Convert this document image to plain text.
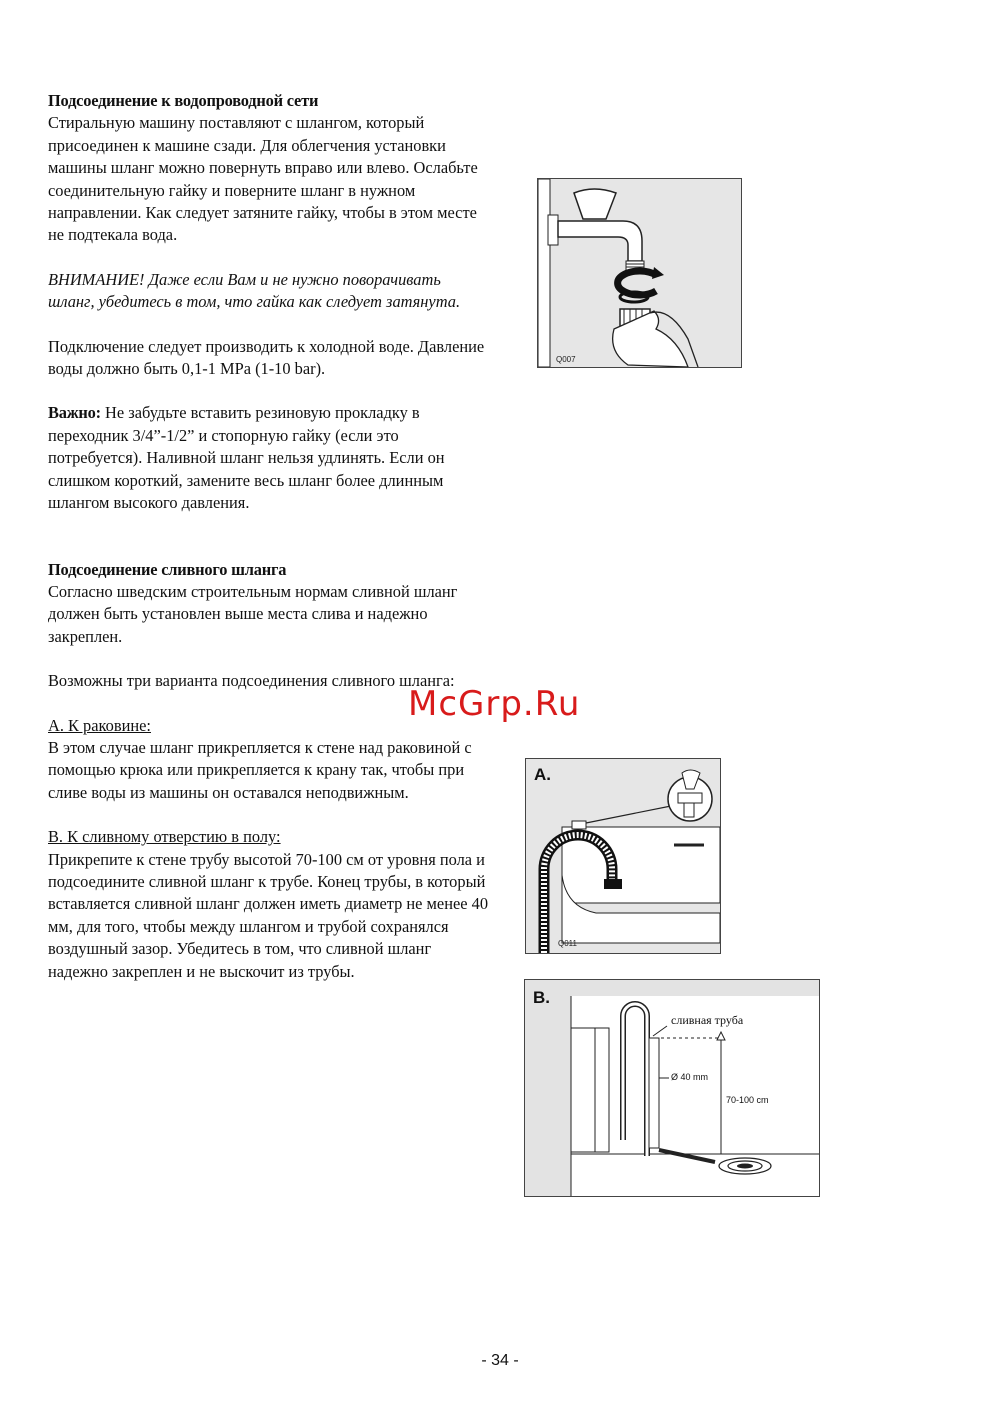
Подсоединение к водопроводной сети

Стиральную машину поставляют с шлангом, который присоединен к машине сзади. Для облегчения установки машины шланг можно повернуть вправо или влево. Ослабьте соединительную гайку и поверните шланг в нужном направлении. Как следует затяните гайку, чтобы в этом месте не подтекала вода.

ВНИМАНИЕ! Даже если Вам и не нужно поворачивать шланг, убедитесь в том, что гайка как следует затянута.

Подключение следует производить к холодной воде. Давление воды должно быть 0,1-1 MPa (1-10 bar).

Важно: Не забудьте вставить резиновую прокладку в переходник 3/4”-1/2” и стопорную гайку (если это потребуется). Наливной шланг нельзя удлинять. Если он слишком короткий, замените весь шланг более длинным шлангом высокого давления.

Подсоединение сливного шланга

Согласно шведским строительным нормам сливной шланг должен быть установлен выше места слива и надежно закреплен.

Возможны три варианта подсоединения сливного шланга:

А. К раковине:

В этом случае шланг прикрепляется к стене над раковиной с помощью крюка или прикрепляется к крану так, чтобы при сливе воды из машины он оставался неподвижным.

B. К сливному отверстию в полу:

Прикрепите к стене трубу высотой 70-100 см от уровня пола и подсоедините сливной шланг к трубе. Конец трубы, в который вставляется сливной шланг должен иметь диаметр не менее 40 мм, для того, чтобы между шлангом и трубой сохранялся воздушный зазор. Убедитесь в том, что сливной шланг надежно закреплен и не выскочит из трубы.

Q007
A.
Q011
B.
сливная труба
Ø 40 mm
70-100 cm
McGrp.Ru
- 34 -
